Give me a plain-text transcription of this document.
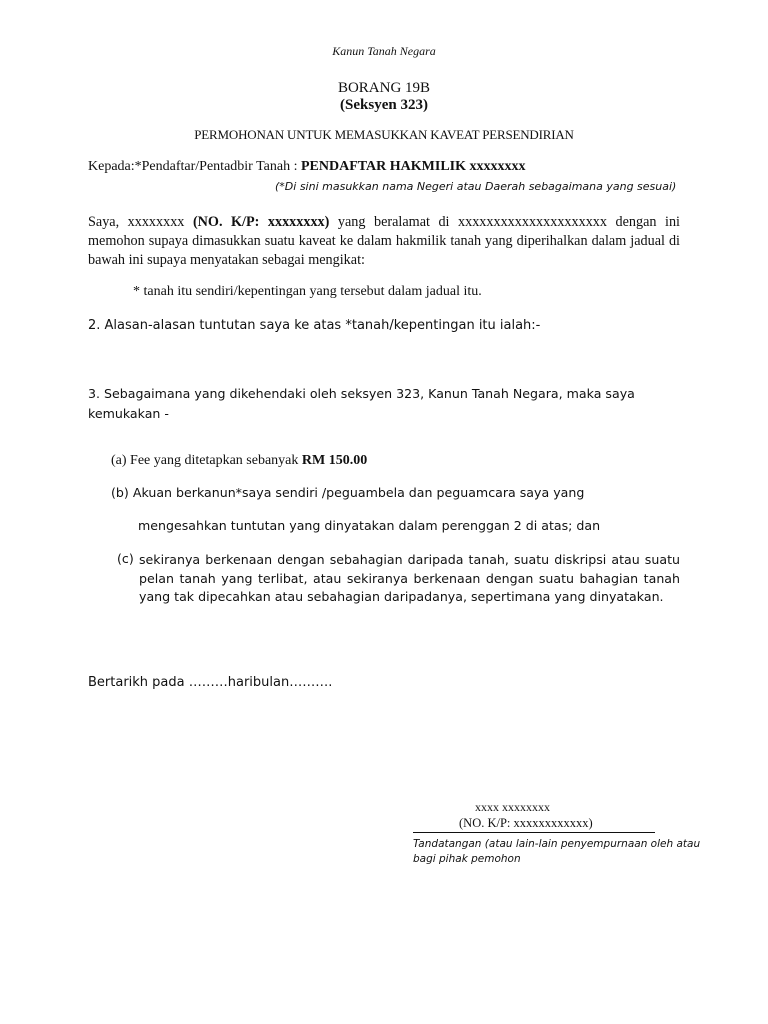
Kanun Tanah Negara
BORANG 19B
(Seksyen 323)
PERMOHONAN UNTUK MEMASUKKAN KAVEAT PERSENDIRIAN
Kepada:*Pendaftar/Pentadbir Tanah : PENDAFTAR HAKMILIK xxxxxxxx
(*Di sini masukkan nama Negeri atau Daerah sebagaimana yang sesuai)
Saya, xxxxxxxx (NO. K/P: xxxxxxxx) yang beralamat di xxxxxxxxxxxxxxxxxxxxx dengan ini memohon supaya dimasukkan suatu kaveat ke dalam hakmilik tanah yang diperihalkan dalam jadual di bawah ini supaya menyatakan sebagai mengikat:
* tanah itu sendiri/kepentingan yang tersebut dalam jadual itu.
2. Alasan-alasan tuntutan saya ke atas *tanah/kepentingan itu ialah:-
3. Sebagaimana yang dikehendaki oleh seksyen 323, Kanun Tanah Negara, maka saya kemukakan -
(a) Fee yang ditetapkan sebanyak RM 150.00
(b) Akuan berkanun*saya sendiri /peguambela dan peguamcara saya yang
mengesahkan tuntutan yang dinyatakan dalam perenggan 2 di atas; dan
(c) sekiranya berkenaan dengan sebahagian daripada tanah, suatu diskripsi atau suatu pelan tanah yang terlibat, atau sekiranya berkenaan dengan suatu bahagian tanah yang tak dipecahkan atau sebahagian daripadanya, sepertimana yang dinyatakan.
Bertarikh pada ………haribulan……….
xxxx xxxxxxxx
(NO. K/P: xxxxxxxxxxxx)
Tandatangan (atau lain-lain penyempurnaan oleh atau bagi pihak pemohon
